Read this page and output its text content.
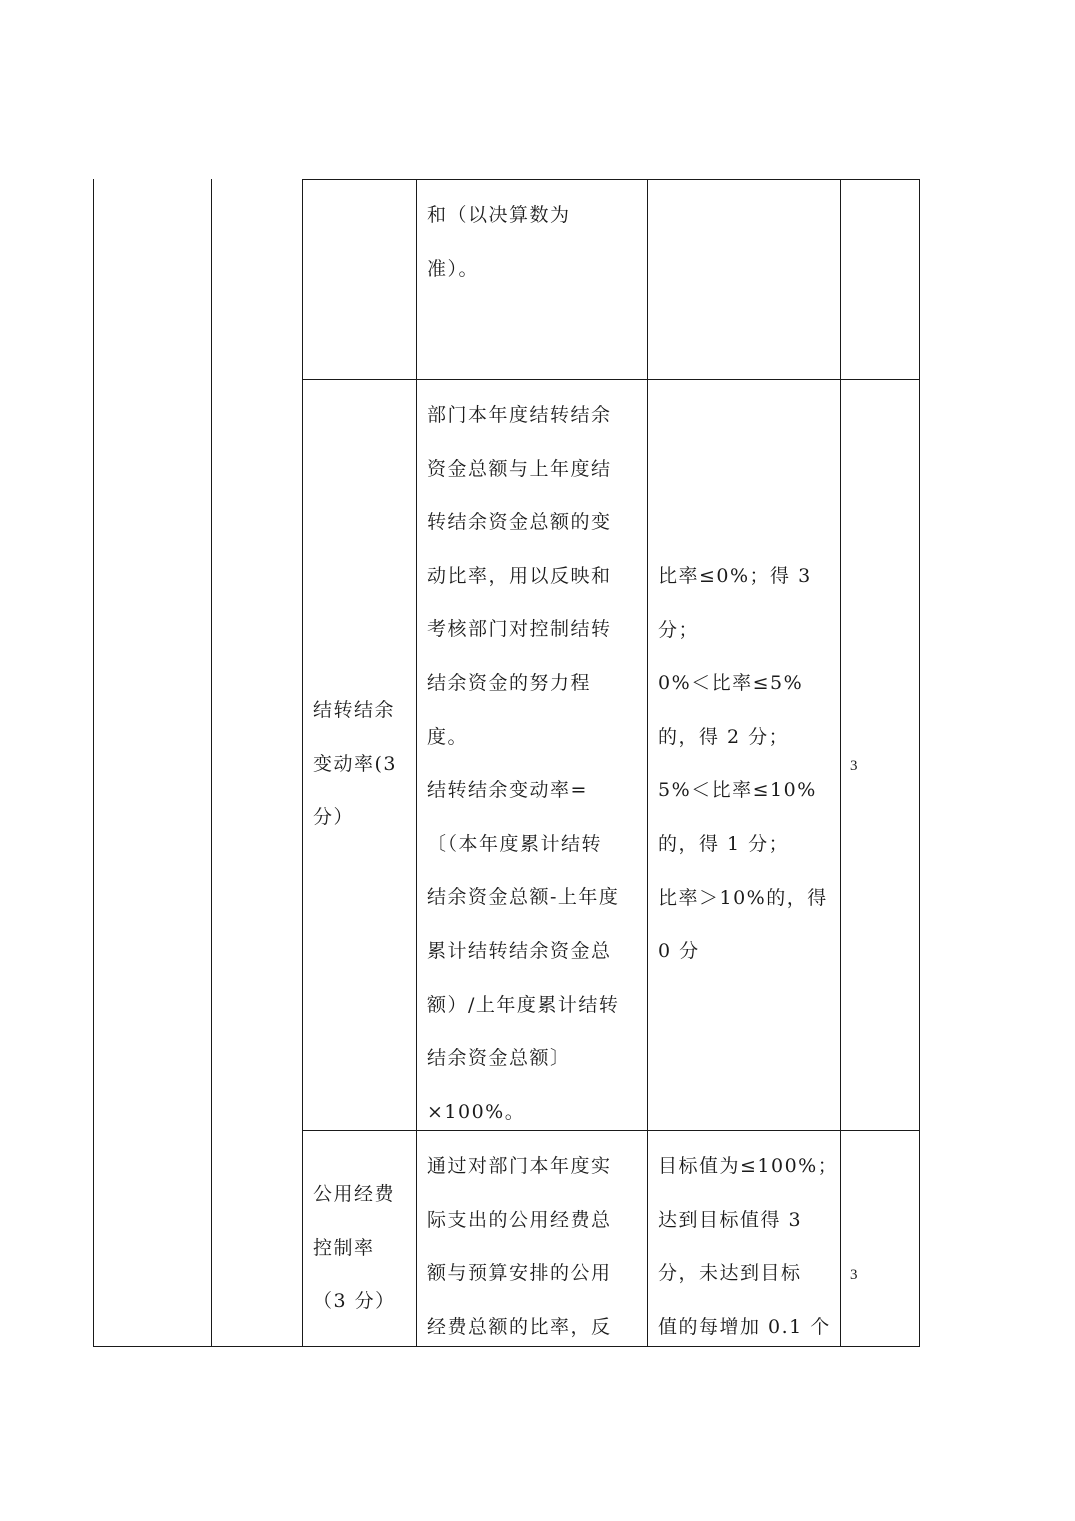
和（以决算数为
准）。
结转结余
变动率(3
分）
部门本年度结转结余
资金总额与上年度结
转结余资金总额的变
动比率，用以反映和
考核部门对控制结转
结余资金的努力程
度。
结转结余变动率=
〔（本年度累计结转
结余资金总额-上年度
累计结转结余资金总
额）/上年度累计结转
结余资金总额〕
×100%。
比率≤0%；得 3
分；
0%＜比率≤5%
的，得 2 分；
5%＜比率≤10%
的，得 1 分；
比率＞10%的，得
0 分
3
公用经费
控制率
（3 分）
通过对部门本年度实
际支出的公用经费总
额与预算安排的公用
经费总额的比率，反
目标值为≤100%；
达到目标值得 3
分，未达到目标
值的每增加 0.1 个
3
